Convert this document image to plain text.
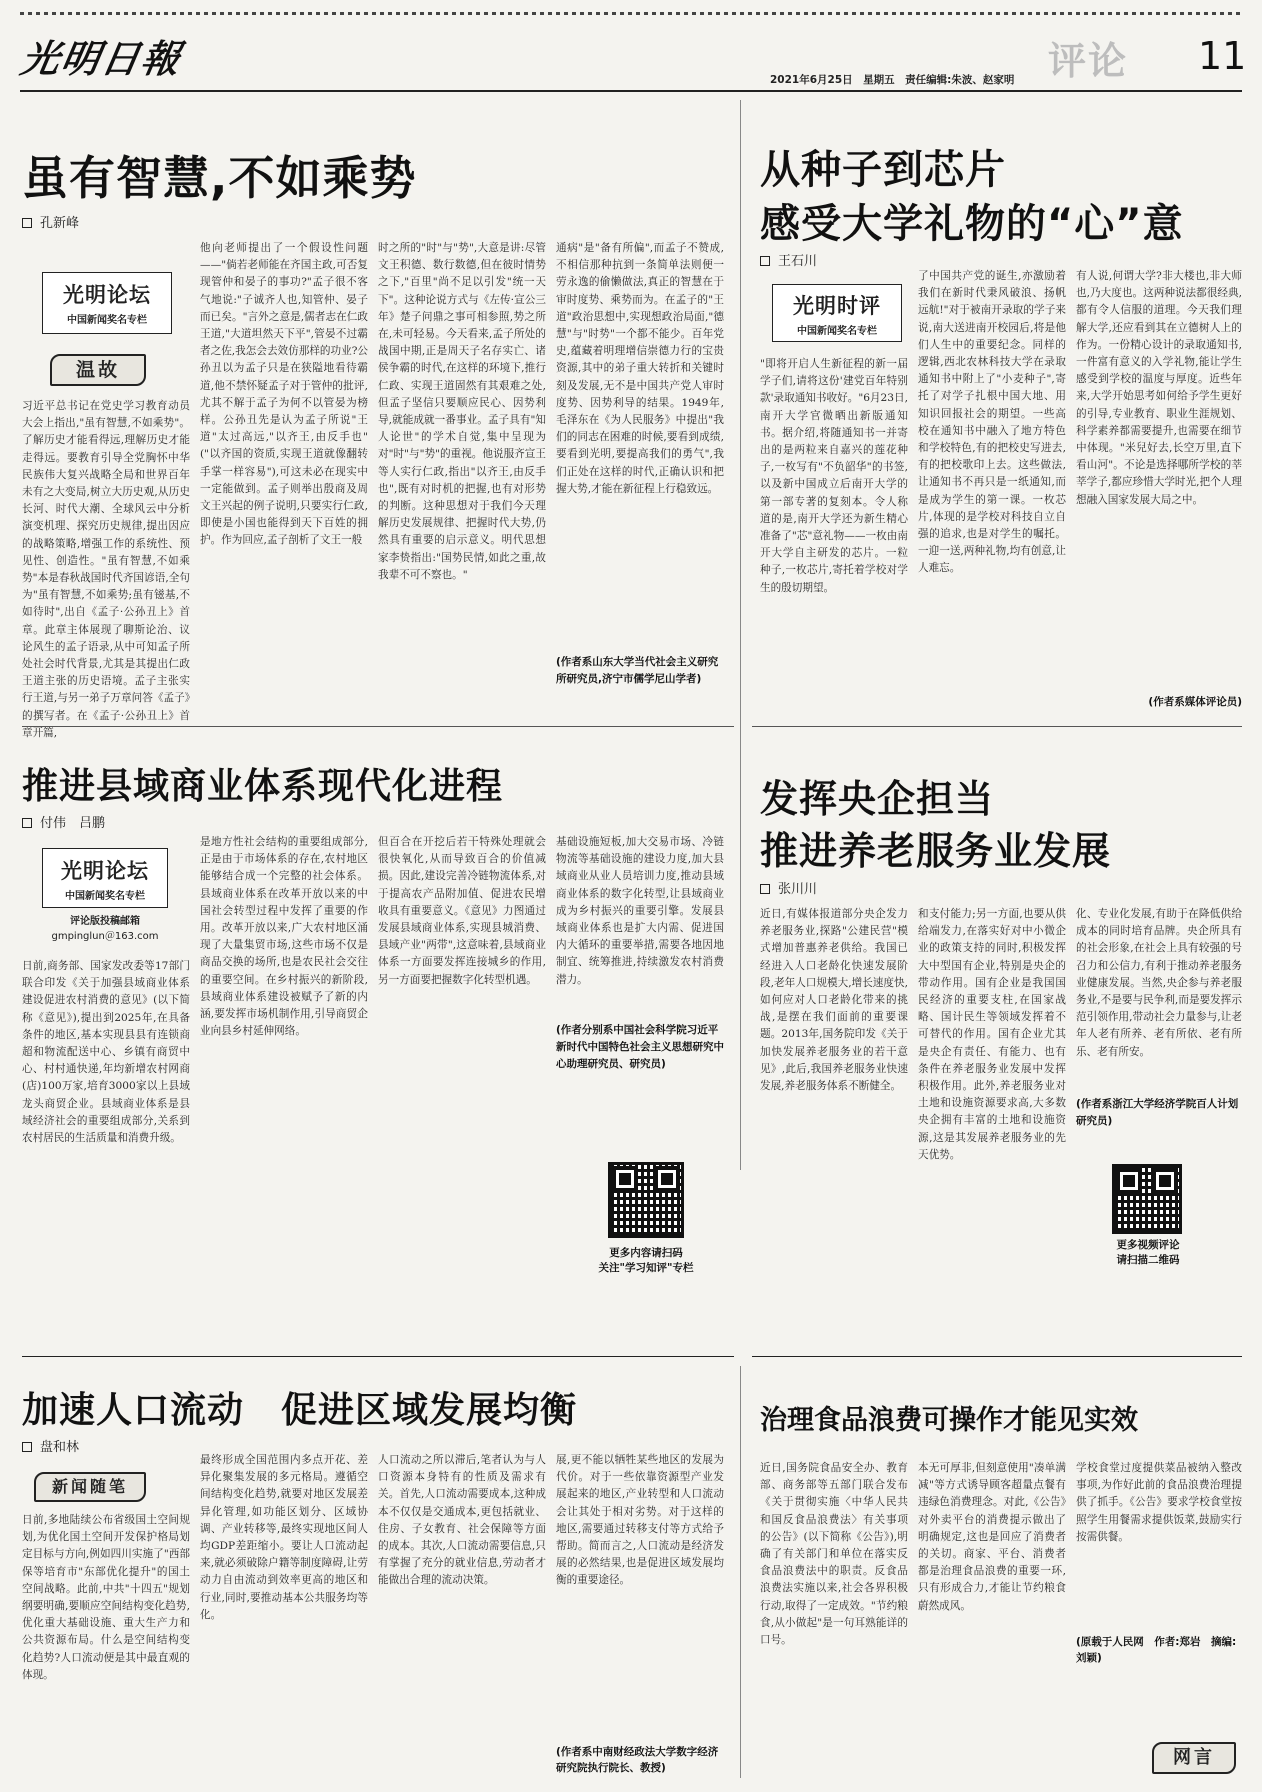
光明日報	2021年6月25日　星期五　责任编辑:朱波、赵家明 评论 11
虽有智慧,不如乘势
孔新峰
光明论坛
中国新闻奖名专栏
温故
习近平总书记在党史学习教育动员大会上指出,"虽有智慧,不如乘势"。了解历史才能看得远,理解历史才能走得远。要教育引导全党胸怀中华民族伟大复兴战略全局和世界百年未有之大变局,树立大历史观,从历史长河、时代大潮、全球风云中分析演变机理、探究历史规律,提出因应的战略策略,增强工作的系统性、预见性、创造性。"虽有智慧,不如乘势"本是春秋战国时代齐国谚语,全句为"虽有智慧,不如乘势;虽有镃基,不如待时",出自《孟子·公孙丑上》首章。此章主体展现了聊斯论治、议论风生的孟子语录,从中可知孟子所处社会时代背景,尤其是其提出仁政王道主张的历史语境。孟子主张实行王道,与另一弟子万章问答《孟子》的撰写者。在《孟子·公孙丑上》首章开篇,
他向老师提出了一个假设性问题——"倘若老师能在齐国主政,可否复现管仲和晏子的事功?"孟子很不客气地说:"子诚齐人也,知管仲、晏子而已矣。"言外之意是,儒者志在仁政王道,"大道坦然天下平",管晏不过霸者之佐,我怎会去效仿那样的功业?公孙丑以为孟子只是在狭隘地看待霸道,他不禁怀疑孟子对于管仲的批评,尤其不解于孟子为何不以管晏为榜样。公孙丑先是认为孟子所说"王道"太过高远,"以齐王,由反手也"("以齐国的资质,实现王道就像翻转手掌一样容易"),可这未必在现实中一定能做到。孟子则举出殷商及周文王兴起的例子说明,只要实行仁政,即使是小国也能得到天下百姓的拥护。作为回应,孟子剖析了文王一般
时之所的"时"与"势",大意是讲:尽管文王积德、数行数德,但在彼时情势之下,"百里"尚不足以引发"统一天下"。这种论说方式与《左传·宣公三年》楚子问鼎之事可相参照,势之所在,未可轻易。今天看来,孟子所处的战国中期,正是周天子名存实亡、诸侯争霸的时代,在这样的环境下,推行仁政、实现王道固然有其艰难之处,但孟子坚信只要顺应民心、因势利导,就能成就一番事业。孟子具有"知人论世"的学术自觉,集中呈现为对"时"与"势"的重视。他说服齐宣王等人实行仁政,指出"以齐王,由反手也",既有对时机的把握,也有对形势的判断。这种思想对于我们今天理解历史发展规律、把握时代大势,仍然具有重要的启示意义。明代思想家李贽指出:"国势民情,如此之重,故我辈不可不察也。"
通病"是"备有所偏",而孟子不赞成,不相信那种抗到一条简单法则便一劳永逸的偷懒做法,真正的智慧在于审时度势、乘势而为。在孟子的"王道"政治思想中,实现想政治局面,"德慧"与"时势"一个都不能少。百年党史,蕴藏着明理增信崇德力行的宝贵资源,其中的弟子重大转折和关键时刻及发展,无不是中国共产党人审时度势、因势利导的结果。1949年,毛泽东在《为人民服务》中提出"我们的同志在困难的时候,要看到成绩,要看到光明,要提高我们的勇气",我们正处在这样的时代,正确认识和把握大势,才能在新征程上行稳致远。
(作者系山东大学当代社会主义研究所研究员,济宁市儒学尼山学者)
从种子到芯片
感受大学礼物的“心”意
王石川
光明时评
中国新闻奖名专栏
"即将开启人生新征程的新一届学子们,请将这份'建党百年特别款'录取通知书收好。"6月23日,南开大学官微晒出新版通知书。据介绍,将随通知书一并寄出的是两粒来自嘉兴的莲花种子,一枚写有"不负韶华"的书签,以及新中国成立后南开大学的第一部专著的复刻本。令人称道的是,南开大学还为新生精心准备了"芯"意礼物——一枚由南开大学自主研发的芯片。一粒种子,一枚芯片,寄托着学校对学生的殷切期望。
了中国共产党的诞生,亦激励着我们在新时代秉风破浪、扬帆远航!"对于被南开录取的学子来说,南大送进南开校园后,将是他们人生中的重要纪念。同样的逻辑,西北农林科技大学在录取通知书中附上了"小麦种子",寄托了对学子扎根中国大地、用知识回报社会的期望。一些高校在通知书中融入了地方特色和学校特色,有的把校史写进去,有的把校歌印上去。这些做法,让通知书不再只是一纸通知,而是成为学生的第一课。一枚芯片,体现的是学校对科技自立自强的追求,也是对学生的嘱托。一迎一送,两种礼物,均有创意,让人难忘。
有人说,何谓大学?非大楼也,非大师也,乃大度也。这两种说法都很经典,都有令人信服的道理。今天我们理解大学,还应看到其在立德树人上的作为。一份精心设计的录取通知书,一件富有意义的入学礼物,能让学生感受到学校的温度与厚度。近些年来,大学开始思考如何给予学生更好的引导,专业教育、职业生涯规划、科学素养都需要提升,也需要在细节中体现。"米兒好去,长空万里,直下看山河"。不论是选择哪所学校的莘莘学子,都应珍惜大学时光,把个人理想融入国家发展大局之中。
(作者系媒体评论员)
推进县域商业体系现代化进程
付伟　吕鹏
光明论坛
中国新闻奖名专栏
评论版投稿邮箱
gmpinglun＠163.com
日前,商务部、国家发改委等17部门联合印发《关于加强县域商业体系建设促进农村消费的意见》(以下简称《意见》),提出到2025年,在具备条件的地区,基本实现县县有连锁商超和物流配送中心、乡镇有商贸中心、村村通快递,年均新增农村网商(店)100万家,培育3000家以上县域龙头商贸企业。县域商业体系是县域经济社会的重要组成部分,关系到农村居民的生活质量和消费升级。
是地方性社会结构的重要组成部分,正是由于市场体系的存在,农村地区能够结合成一个完整的社会体系。县域商业体系在改革开放以来的中国社会转型过程中发挥了重要的作用。改革开放以来,广大农村地区涌现了大量集贸市场,这些市场不仅是商品交换的场所,也是农民社会交往的重要空间。在乡村振兴的新阶段,县域商业体系建设被赋予了新的内涵,要发挥市场机制作用,引导商贸企业向县乡村延伸网络。
但百合在开挖后若干特殊处理就会很快氧化,从而导致百合的价值减损。因此,建设完善冷链物流体系,对于提高农产品附加值、促进农民增收具有重要意义。《意见》力图通过发展县域商业体系,实现县城消费、县域产业"两带",这意味着,县域商业体系一方面要发挥连接城乡的作用,另一方面要把握数字化转型机遇。
基础设施短板,加大交易市场、冷链物流等基础设施的建设力度,加大县域商业从业人员培训力度,推动县域商业体系的数字化转型,让县域商业成为乡村振兴的重要引擎。发展县域商业体系也是扩大内需、促进国内大循环的重要举措,需要各地因地制宜、统筹推进,持续激发农村消费潜力。
(作者分别系中国社会科学院习近平新时代中国特色社会主义思想研究中心助理研究员、研究员)
更多内容请扫码
关注"学习知评"专栏
发挥央企担当
推进养老服务业发展
张川川
近日,有媒体报道部分央企发力养老服务业,探路"公建民营"模式增加普惠养老供给。我国已经进入人口老龄化快速发展阶段,老年人口规模大,增长速度快,如何应对人口老龄化带来的挑战,是摆在我们面前的重要课题。2013年,国务院印发《关于加快发展养老服务业的若干意见》,此后,我国养老服务业快速发展,养老服务体系不断健全。
和支付能力;另一方面,也要从供给端发力,在落实好对中小微企业的政策支持的同时,积极发挥大中型国有企业,特别是央企的带动作用。国有企业是我国国民经济的重要支柱,在国家战略、国计民生等领域发挥着不可替代的作用。国有企业尤其是央企有责任、有能力、也有条件在养老服务业发展中发挥积极作用。此外,养老服务业对土地和设施资源要求高,大多数央企拥有丰富的土地和设施资源,这是其发展养老服务业的先天优势。
化、专业化发展,有助于在降低供给成本的同时培育品牌。央企所具有的社会形象,在社会上具有较强的号召力和公信力,有利于推动养老服务业健康发展。当然,央企参与养老服务业,不是要与民争利,而是要发挥示范引领作用,带动社会力量参与,让老年人老有所养、老有所依、老有所乐、老有所安。
(作者系浙江大学经济学院百人计划研究员)
更多视频评论
请扫描二维码
加速人口流动　促进区域发展均衡
盘和林
新闻随笔
日前,多地陆续公布省级国土空间规划,为优化国土空间开发保护格局划定目标与方向,例如四川实施了"西部保等培育市"东部优化提升"的国土空间战略。此前,中共"十四五"规划纲要明确,要顺应空间结构变化趋势,优化重大基础设施、重大生产力和公共资源布局。什么是空间结构变化趋势?人口流动便是其中最直观的体现。
最终形成全国范围内多点开花、差异化聚集发展的多元格局。遵循空间结构变化趋势,就要对地区发展差异化管理,如功能区划分、区域协调、产业转移等,最终实现地区间人均GDP差距缩小。要让人口流动起来,就必须破除户籍等制度障碍,让劳动力自由流动到效率更高的地区和行业,同时,要推动基本公共服务均等化。
人口流动之所以滞后,笔者认为与人口资源本身特有的性质及需求有关。首先,人口流动需要成本,这种成本不仅仅是交通成本,更包括就业、住房、子女教育、社会保障等方面的成本。其次,人口流动需要信息,只有掌握了充分的就业信息,劳动者才能做出合理的流动决策。
展,更不能以牺牲某些地区的发展为代价。对于一些依靠资源型产业发展起来的地区,产业转型和人口流动会让其处于相对劣势。对于这样的地区,需要通过转移支付等方式给予帮助。简而言之,人口流动是经济发展的必然结果,也是促进区域发展均衡的重要途径。
(作者系中南财经政法大学数字经济研究院执行院长、教授)
治理食品浪费可操作才能见实效
近日,国务院食品安全办、教育部、商务部等五部门联合发布《关于贯彻实施〈中华人民共和国反食品浪费法〉有关事项的公告》(以下简称《公告》),明确了有关部门和单位在落实反食品浪费法中的职责。反食品浪费法实施以来,社会各界积极行动,取得了一定成效。"节约粮食,从小做起"是一句耳熟能详的口号。
本无可厚非,但刻意使用"凑单满减"等方式诱导顾客超量点餐有违绿色消费理念。对此,《公告》对外卖平台的消费提示做出了明确规定,这也是回应了消费者的关切。商家、平台、消费者都是治理食品浪费的重要一环,只有形成合力,才能让节约粮食蔚然成风。
学校食堂过度提供菜品被纳入整改事项,为作好此前的食品浪费治理提供了抓手。《公告》要求学校食堂按照学生用餐需求提供饭菜,鼓励实行按需供餐。
(原载于人民网　作者:郑岩　摘编:刘颖)
网言
